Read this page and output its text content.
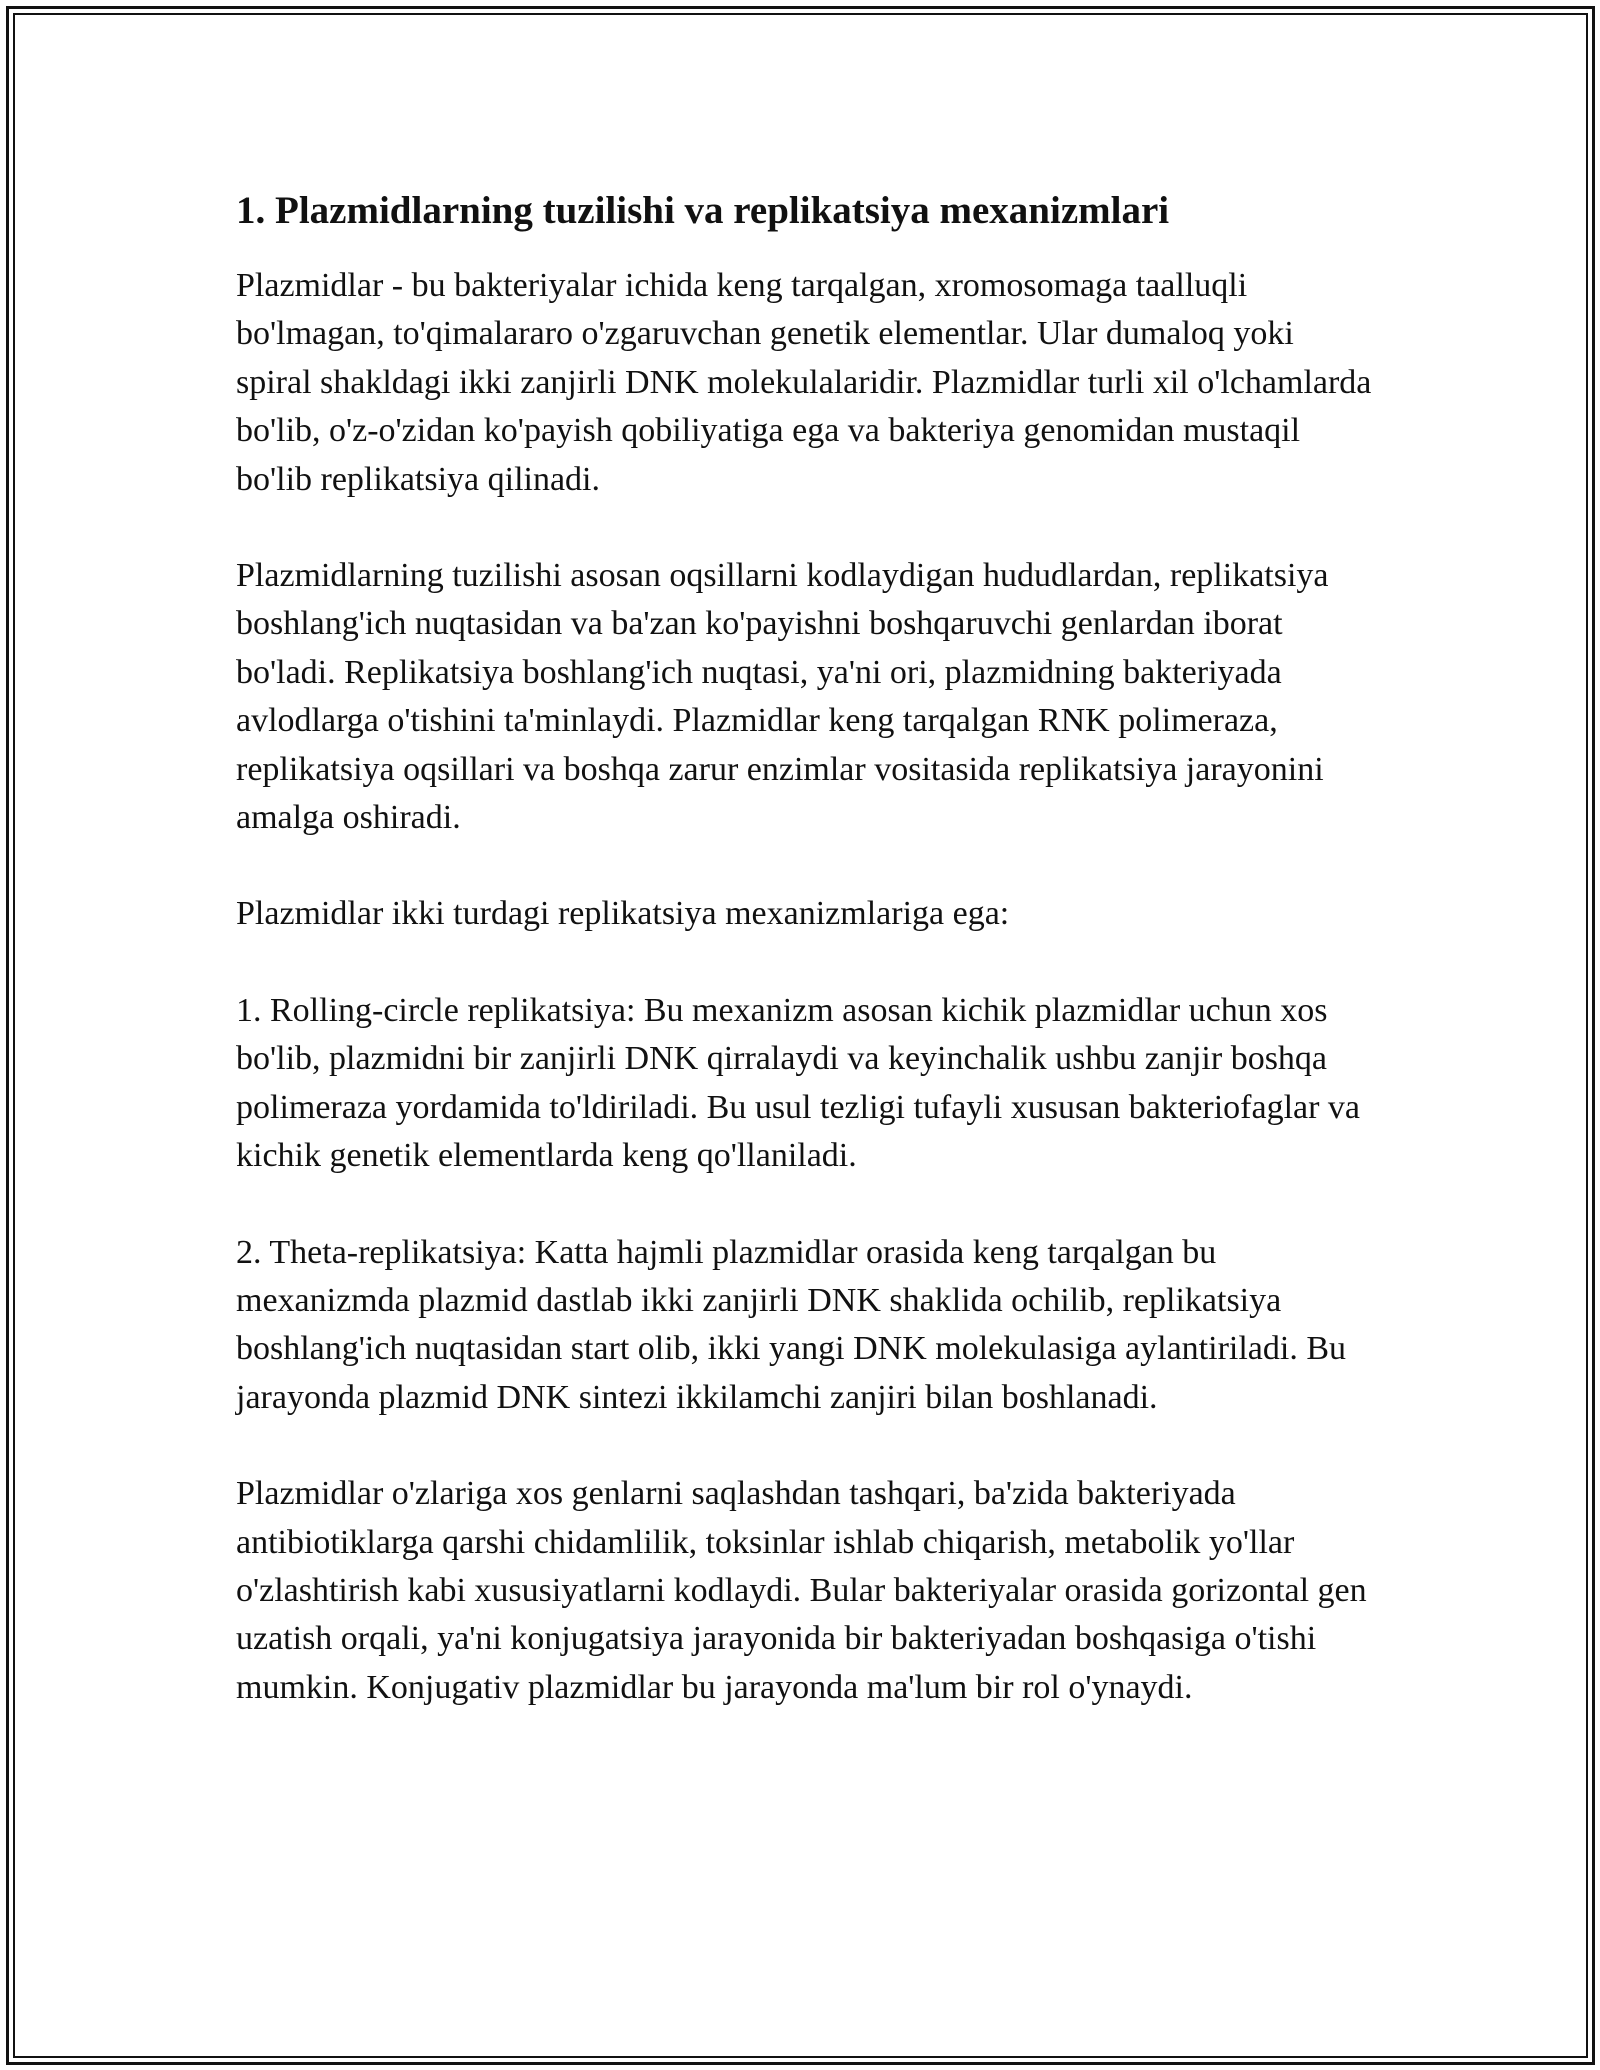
1. Plazmidlarning tuzilishi va replikatsiya mexanizmlari

Plazmidlar - bu bakteriyalar ichida keng tarqalgan, xromosomaga taalluqli bo'lmagan, to'qimalararo o'zgaruvchan genetik elementlar. Ular dumaloq yoki spiral shakldagi ikki zanjirli DNK molekulalaridir. Plazmidlar turli xil o'lchamlarda bo'lib, o'z-o'zidan ko'payish qobiliyatiga ega va bakteriya genomidan mustaqil bo'lib replikatsiya qilinadi.

Plazmidlarning tuzilishi asosan oqsillarni kodlaydigan hududlardan, replikatsiya boshlang'ich nuqtasidan va ba'zan ko'payishni boshqaruvchi genlardan iborat bo'ladi. Replikatsiya boshlang'ich nuqtasi, ya'ni ori, plazmidning bakteriyada avlodlarga o'tishini ta'minlaydi. Plazmidlar keng tarqalgan RNK polimeraza, replikatsiya oqsillari va boshqa zarur enzimlar vositasida replikatsiya jarayonini amalga oshiradi.

Plazmidlar ikki turdagi replikatsiya mexanizmlariga ega:

1. Rolling-circle replikatsiya: Bu mexanizm asosan kichik plazmidlar uchun xos bo'lib, plazmidni bir zanjirli DNK qirralaydi va keyinchalik ushbu zanjir boshqa polimeraza yordamida to'ldiriladi. Bu usul tezligi tufayli xususan bakteriofaglar va kichik genetik elementlarda keng qo'llaniladi.

2. Theta-replikatsiya: Katta hajmli plazmidlar orasida keng tarqalgan bu mexanizmda plazmid dastlab ikki zanjirli DNK shaklida ochilib, replikatsiya boshlang'ich nuqtasidan start olib, ikki yangi DNK molekulasiga aylantiriladi. Bu jarayonda plazmid DNK sintezi ikkilamchi zanjiri bilan boshlanadi.

Plazmidlar o'zlariga xos genlarni saqlashdan tashqari, ba'zida bakteriyada antibiotiklarga qarshi chidamlilik, toksinlar ishlab chiqarish, metabolik yo'llar o'zlashtirish kabi xususiyatlarni kodlaydi. Bular bakteriyalar orasida gorizontal gen uzatish orqali, ya'ni konjugatsiya jarayonida bir bakteriyadan boshqasiga o'tishi mumkin. Konjugativ plazmidlar bu jarayonda ma'lum bir rol o'ynaydi.
